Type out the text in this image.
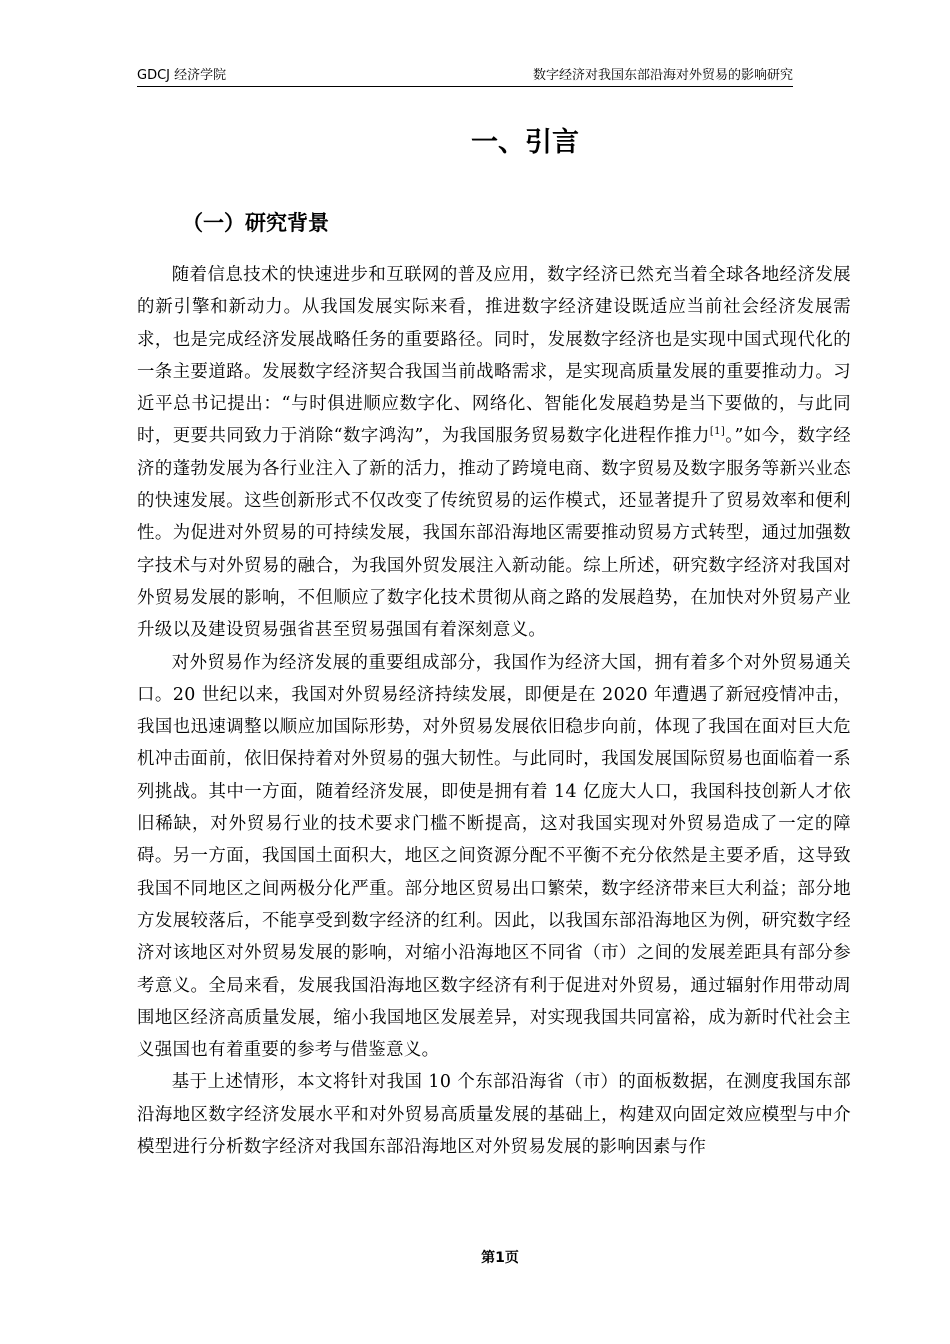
GDCJ 经济学院	数字经济对我国东部沿海对外贸易的影响研究
一、引言
（一）研究背景

随着信息技术的快速进步和互联网的普及应用，数字经济已然充当着全球各地经济发展的新引擎和新动力。从我国发展实际来看，推进数字经济建设既适应当前社会经济发展需求，也是完成经济发展战略任务的重要路径。同时，发展数字经济也是实现中国式现代化的一条主要道路。发展数字经济契合我国当前战略需求，是实现高质量发展的重要推动力。习近平总书记提出：“与时俱进顺应数字化、网络化、智能化发展趋势是当下要做的，与此同时，更要共同致力于消除“数字鸿沟”，为我国服务贸易数字化进程作推力[1]。”如今，数字经济的蓬勃发展为各行业注入了新的活力，推动了跨境电商、数字贸易及数字服务等新兴业态的快速发展。这些创新形式不仅改变了传统贸易的运作模式，还显著提升了贸易效率和便利性。为促进对外贸易的可持续发展，我国东部沿海地区需要推动贸易方式转型，通过加强数字技术与对外贸易的融合，为我国外贸发展注入新动能。综上所述，研究数字经济对我国对外贸易发展的影响，不但顺应了数字化技术贯彻从商之路的发展趋势，在加快对外贸易产业升级以及建设贸易强省甚至贸易强国有着深刻意义。

对外贸易作为经济发展的重要组成部分，我国作为经济大国，拥有着多个对外贸易通关口。20 世纪以来，我国对外贸易经济持续发展，即便是在 2020 年遭遇了新冠疫情冲击，我国也迅速调整以顺应加国际形势，对外贸易发展依旧稳步向前，体现了我国在面对巨大危机冲击面前，依旧保持着对外贸易的强大韧性。与此同时，我国发展国际贸易也面临着一系列挑战。其中一方面，随着经济发展，即使是拥有着 14 亿庞大人口，我国科技创新人才依旧稀缺，对外贸易行业的技术要求门槛不断提高，这对我国实现对外贸易造成了一定的障碍。另一方面，我国国土面积大，地区之间资源分配不平衡不充分依然是主要矛盾，这导致我国不同地区之间两极分化严重。部分地区贸易出口繁荣，数字经济带来巨大利益；部分地方发展较落后，不能享受到数字经济的红利。因此，以我国东部沿海地区为例，研究数字经济对该地区对外贸易发展的影响，对缩小沿海地区不同省（市）之间的发展差距具有部分参考意义。全局来看，发展我国沿海地区数字经济有利于促进对外贸易，通过辐射作用带动周围地区经济高质量发展，缩小我国地区发展差异，对实现我国共同富裕，成为新时代社会主义强国也有着重要的参考与借鉴意义。

基于上述情形，本文将针对我国 10 个东部沿海省（市）的面板数据，在测度我国东部沿海地区数字经济发展水平和对外贸易高质量发展的基础上，构建双向固定效应模型与中介模型进行分析数字经济对我国东部沿海地区对外贸易发展的影响因素与作

第1页
